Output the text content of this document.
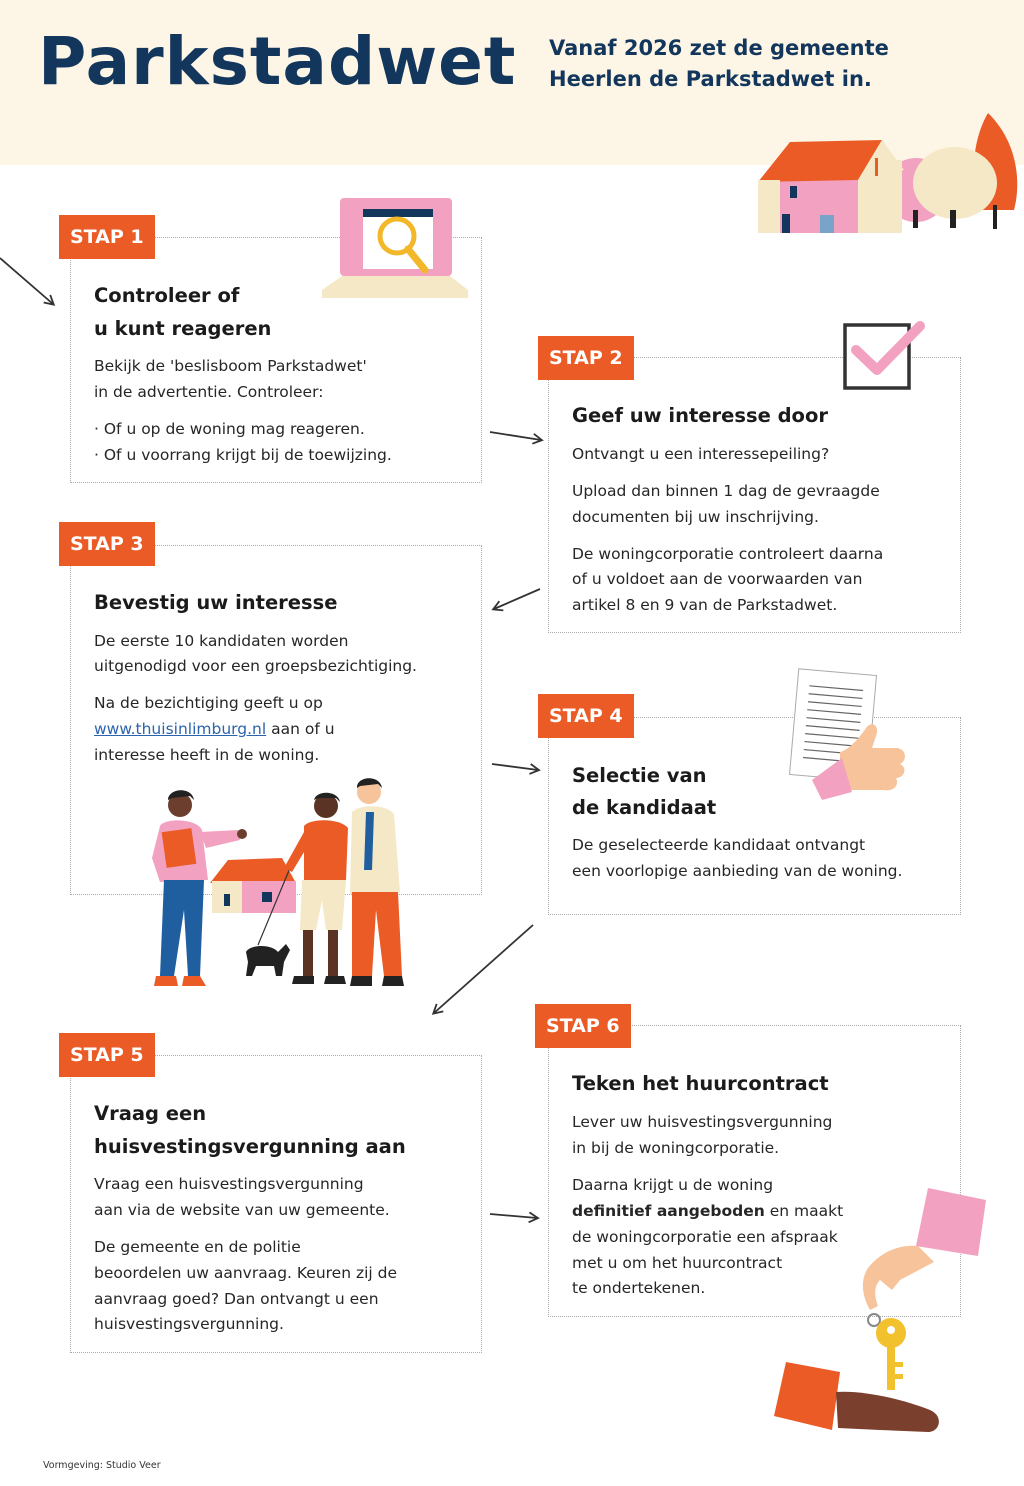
Parkstadwet Vanaf 2026 zet de gemeente
Heerlen de Parkstadwet in.
STAP 1
Controleer of
u kunt reageren
Bekijk de 'beslisboom Parkstadwet'
in de advertentie. Controleer:
· Of u op de woning mag reageren.
· Of u voorrang krijgt bij de toewijzing.
STAP 2
Geef uw interesse door
Ontvangt u een interessepeiling?
Upload dan binnen 1 dag de gevraagde
documenten bij uw inschrijving.
De woningcorporatie controleert daarna
of u voldoet aan de voorwaarden van
artikel 8 en 9 van de Parkstadwet.
STAP 3
Bevestig uw interesse
De eerste 10 kandidaten worden
uitgenodigd voor een groepsbezichtiging.
Na de bezichtiging geeft u op
www.thuisinlimburg.nl aan of u
interesse heeft in de woning.
STAP 4
Selectie van
de kandidaat
De geselecteerde kandidaat ontvangt
een voorlopige aanbieding van de woning.
STAP 5
Vraag een
huisvestingsvergunning aan
Vraag een huisvestingsvergunning
aan via de website van uw gemeente.
De gemeente en de politie
beoordelen uw aanvraag. Keuren zij de
aanvraag goed? Dan ontvangt u een
huisvestingsvergunning.
STAP 6
Teken het huurcontract
Lever uw huisvestingsvergunning
in bij de woningcorporatie.
Daarna krijgt u de woning
definitief aangeboden en maakt
de woningcorporatie een afspraak
met u om het huurcontract
te ondertekenen.
Vormgeving: Studio Veer
